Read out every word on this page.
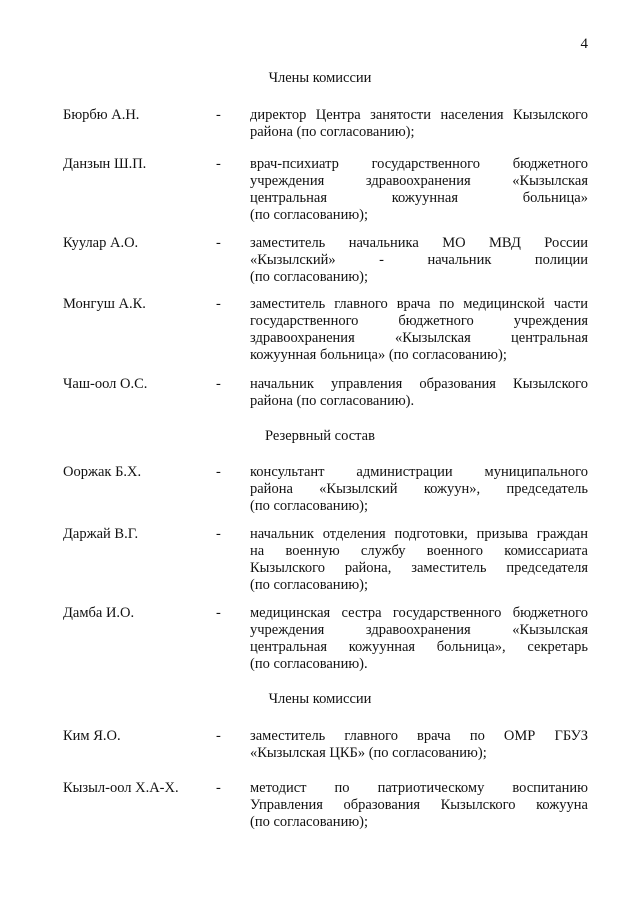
4
Члены комиссии
Бюрбю А.Н.	- директор Центра занятости населения Кызылского
района (по согласованию);
Данзын Ш.П.	- врач-психиатр государственного бюджетного
учреждения здравоохранения «Кызылская
центральная кожуунная больница»
(по согласованию);
Куулар А.О.	- заместитель начальника МО МВД России
«Кызылский» - начальник полиции
(по согласованию);
Монгуш А.К.	- заместитель главного врача по медицинской части
государственного бюджетного учреждения
здравоохранения «Кызылская центральная
кожуунная больница» (по согласованию);
Чаш-оол О.С.	- начальник управления образования Кызылского
района (по согласованию).
Резервный состав
Ооржак Б.Х.	- консультант администрации муниципального
района «Кызылский кожуун», председатель
(по согласованию);
Даржай В.Г.	- начальник отделения подготовки, призыва граждан
на военную службу военного комиссариата
Кызылского района, заместитель председателя
(по согласованию);
Дамба И.О.	- медицинская сестра государственного бюджетного
учреждения здравоохранения «Кызылская
центральная кожуунная больница», секретарь
(по согласованию).
Члены комиссии
Ким Я.О.	- заместитель главного врача по ОМР ГБУЗ
«Кызылская ЦКБ» (по согласованию);
Кызыл-оол Х.А-Х.	- методист по патриотическому воспитанию
Управления образования Кызылского кожууна
(по согласованию);
